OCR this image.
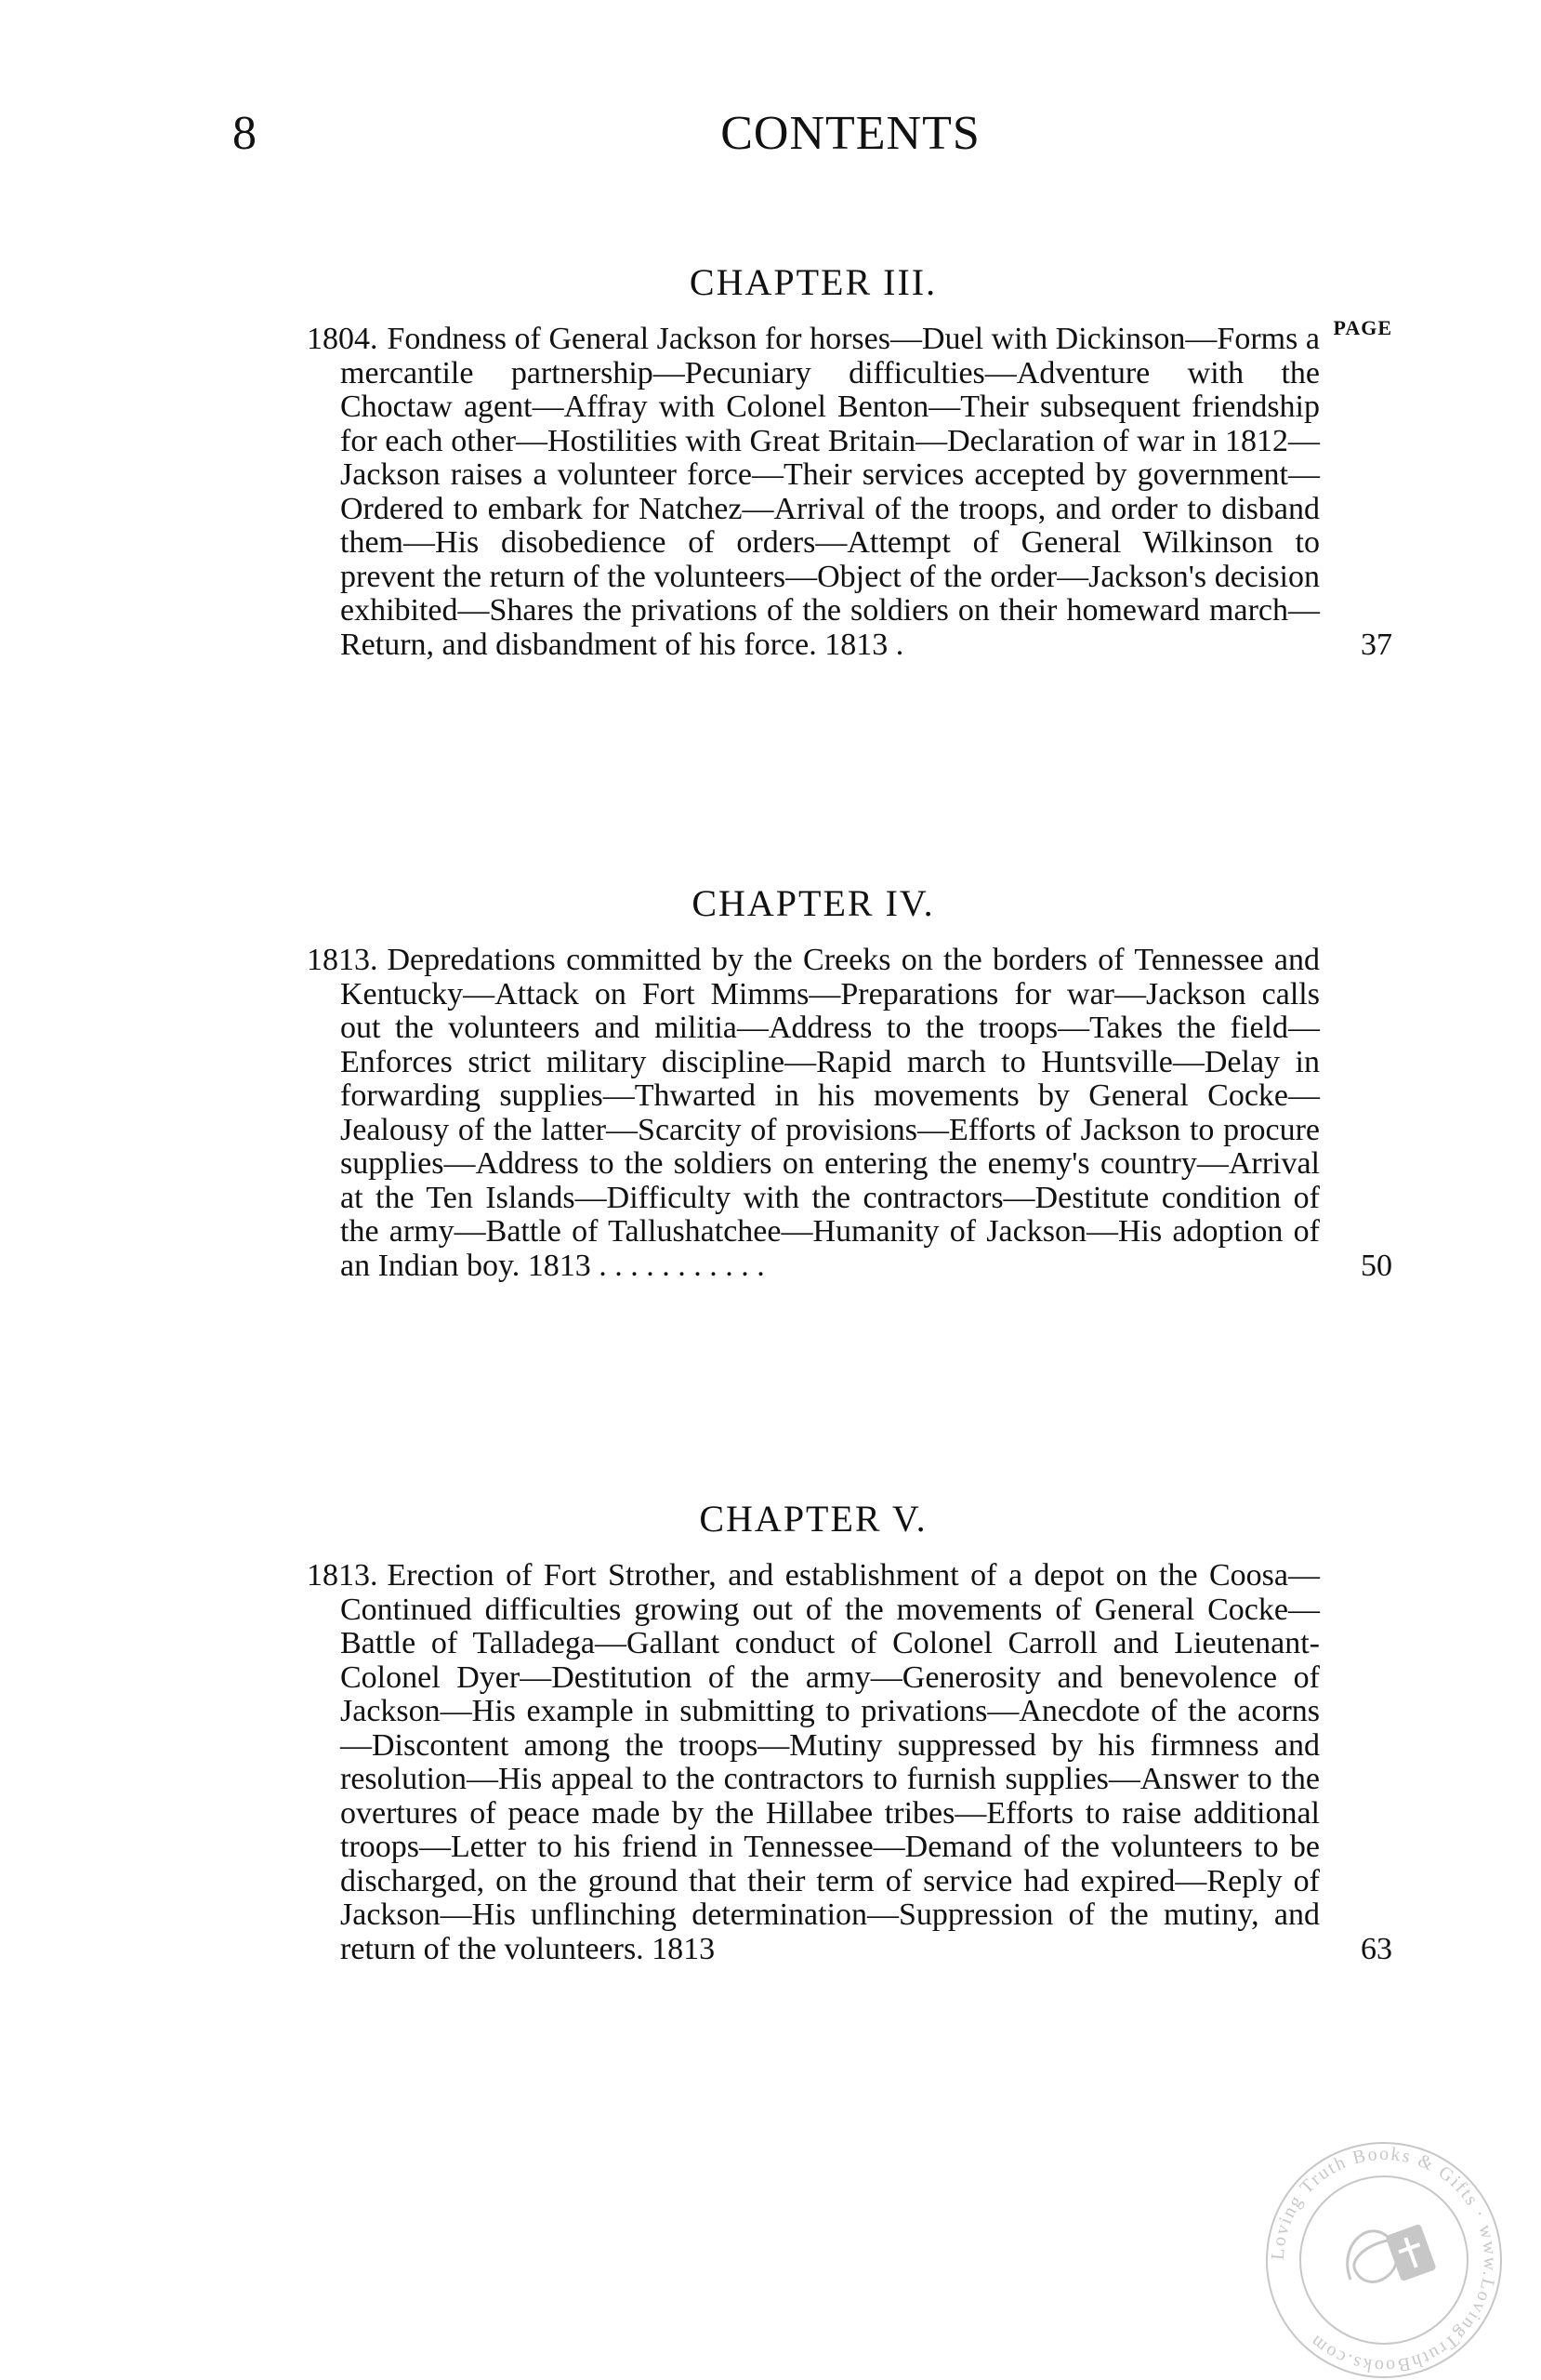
8	CONTENTS
CHAPTER III.
PAGE
1804. Fondness of General Jackson for horses—Duel with Dickinson—Forms a mercantile partnership—Pecuniary difficulties—Adventure with the Choctaw agent—Affray with Colonel Benton—Their subsequent friendship for each other—Hostilities with Great Britain—Declaration of war in 1812—Jackson raises a volunteer force—Their services accepted by government—Ordered to embark for Natchez—Arrival of the troops, and order to disband them—His disobedience of orders—Attempt of General Wilkinson to prevent the return of the volunteers—Object of the order—Jackson's decision exhibited—Shares the privations of the soldiers on their homeward march—Return, and disbandment of his force. 1813 .	37
CHAPTER IV.
1813. Depredations committed by the Creeks on the borders of Tennessee and Kentucky—Attack on Fort Mimms—Preparations for war—Jackson calls out the volunteers and militia—Address to the troops—Takes the field—Enforces strict military discipline—Rapid march to Huntsville—Delay in forwarding supplies—Thwarted in his movements by General Cocke—Jealousy of the latter—Scarcity of provisions—Efforts of Jackson to procure supplies—Address to the soldiers on entering the enemy's country—Arrival at the Ten Islands—Difficulty with the contractors—Destitute condition of the army—Battle of Tallushatchee—Humanity of Jackson—His adoption of an Indian boy. 1813 . . . . . . . . . . .	50
CHAPTER V.
1813. Erection of Fort Strother, and establishment of a depot on the Coosa—Continued difficulties growing out of the movements of General Cocke—Battle of Talladega—Gallant conduct of Colonel Carroll and Lieutenant-Colonel Dyer—Destitution of the army—Generosity and benevolence of Jackson—His example in submitting to privations—Anecdote of the acorns—Discontent among the troops—Mutiny suppressed by his firmness and resolution—His appeal to the contractors to furnish supplies—Answer to the overtures of peace made by the Hillabee tribes—Efforts to raise additional troops—Letter to his friend in Tennessee—Demand of the volunteers to be discharged, on the ground that their term of service had expired—Reply of Jackson—His unflinching determination—Suppression of the mutiny, and return of the volunteers. 1813	63
Loving Truth Books & Gifts · www.LovingTruthBooks.com
